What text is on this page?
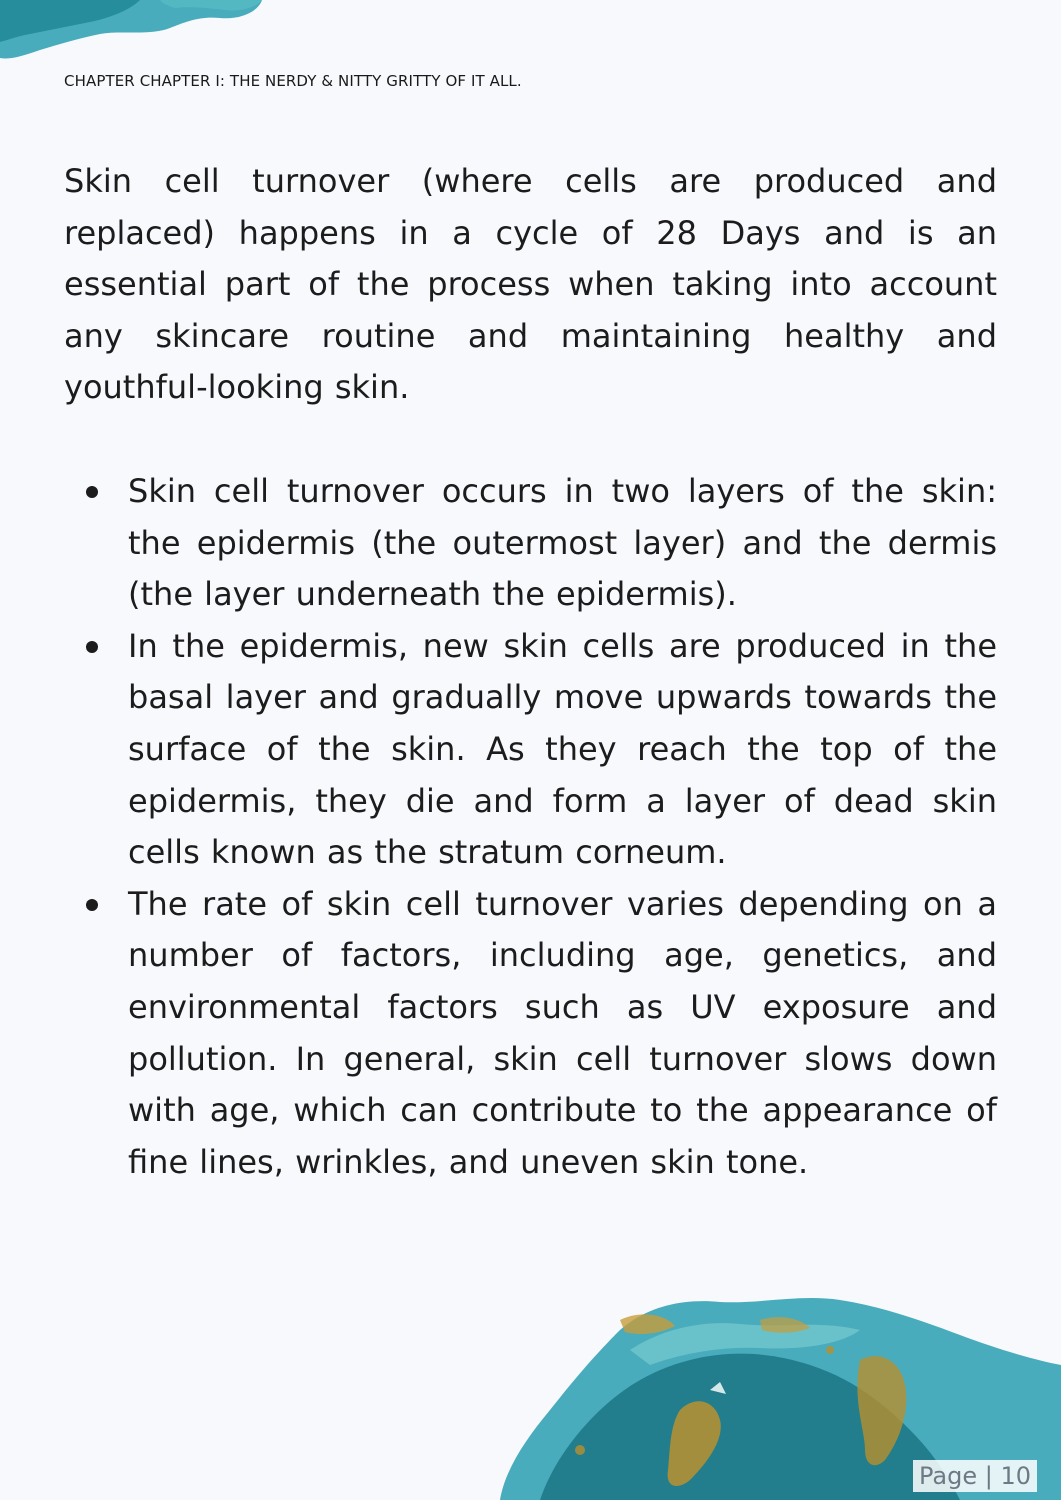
CHAPTER CHAPTER I: THE NERDY & NITTY GRITTY OF IT ALL.

Skin cell turnover (where cells are produced and replaced) happens in a cycle of 28 Days and is an essential part of the process when taking into account any skincare routine and maintaining healthy and youthful-looking skin.

Skin cell turnover occurs in two layers of the skin: the epidermis (the outermost layer) and the dermis (the layer underneath the epidermis).
In the epidermis, new skin cells are produced in the basal layer and gradually move upwards towards the surface of the skin. As they reach the top of the epidermis, they die and form a layer of dead skin cells known as the stratum corneum.
The rate of skin cell turnover varies depending on a number of factors, including age, genetics, and environmental factors such as UV exposure and pollution. In general, skin cell turnover slows down with age, which can contribute to the appearance of fine lines, wrinkles, and uneven skin tone.
Page | 10
